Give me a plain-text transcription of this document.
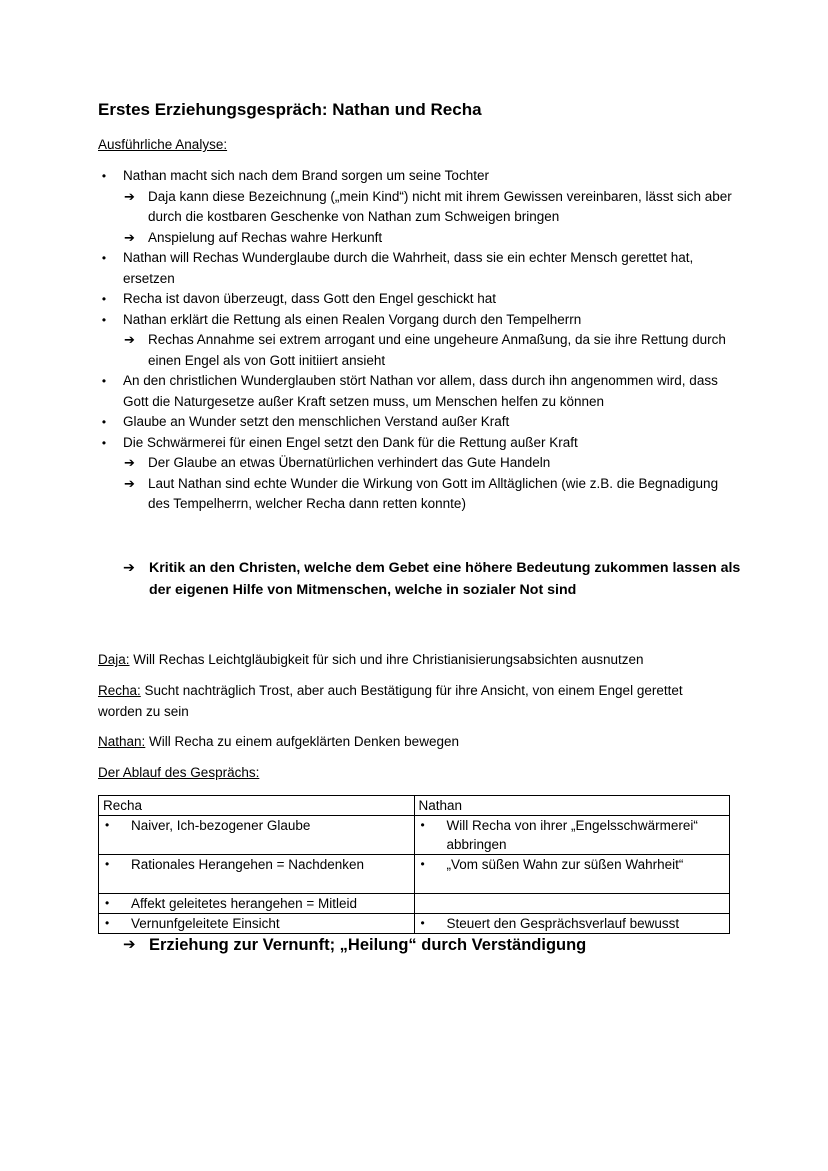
Erstes Erziehungsgespräch: Nathan und Recha
Ausführliche Analyse:
• Nathan macht sich nach dem Brand sorgen um seine Tochter
➔ Daja kann diese Bezeichnung („mein Kind“) nicht mit ihrem Gewissen vereinbaren, lässt sich aber durch die kostbaren Geschenke von Nathan zum Schweigen bringen
➔ Anspielung auf Rechas wahre Herkunft
• Nathan will Rechas Wunderglaube durch die Wahrheit, dass sie ein echter Mensch gerettet hat, ersetzen
• Recha ist davon überzeugt, dass Gott den Engel geschickt hat
• Nathan erklärt die Rettung als einen Realen Vorgang durch den Tempelherrn
➔ Rechas Annahme sei extrem arrogant und eine ungeheure Anmaßung, da sie ihre Rettung durch einen Engel als von Gott initiiert ansieht
• An den christlichen Wunderglauben stört Nathan vor allem, dass durch ihn angenommen wird, dass Gott die Naturgesetze außer Kraft setzen muss, um Menschen helfen zu können
• Glaube an Wunder setzt den menschlichen Verstand außer Kraft
• Die Schwärmerei für einen Engel setzt den Dank für die Rettung außer Kraft
➔ Der Glaube an etwas Übernatürlichen verhindert das Gute Handeln
➔ Laut Nathan sind echte Wunder die Wirkung von Gott im Alltäglichen (wie z.B. die Begnadigung des Tempelherrn, welcher Recha dann retten konnte)
➔ Kritik an den Christen, welche dem Gebet eine höhere Bedeutung zukommen lassen als der eigenen Hilfe von Mitmenschen, welche in sozialer Not sind
Daja: Will Rechas Leichtgläubigkeit für sich und ihre Christianisierungsabsichten ausnutzen
Recha: Sucht nachträglich Trost, aber auch Bestätigung für ihre Ansicht, von einem Engel gerettet worden zu sein
Nathan: Will Recha zu einem aufgeklärten Denken bewegen
Der Ablauf des Gesprächs:
Recha	Nathan

• Naiver, Ich-bezogener Glaube	• Will Recha von ihrer „Engelsschwärmerei“ abbringen

• Rationales Herangehen = Nachdenken	• „Vom süßen Wahn zur süßen Wahrheit“

• Affekt geleitetes herangehen = Mitleid	

• Vernunfgeleitete Einsicht	• Steuert den Gesprächsverlauf bewusst
➔ Erziehung zur Vernunft; „Heilung“ durch Verständigung
